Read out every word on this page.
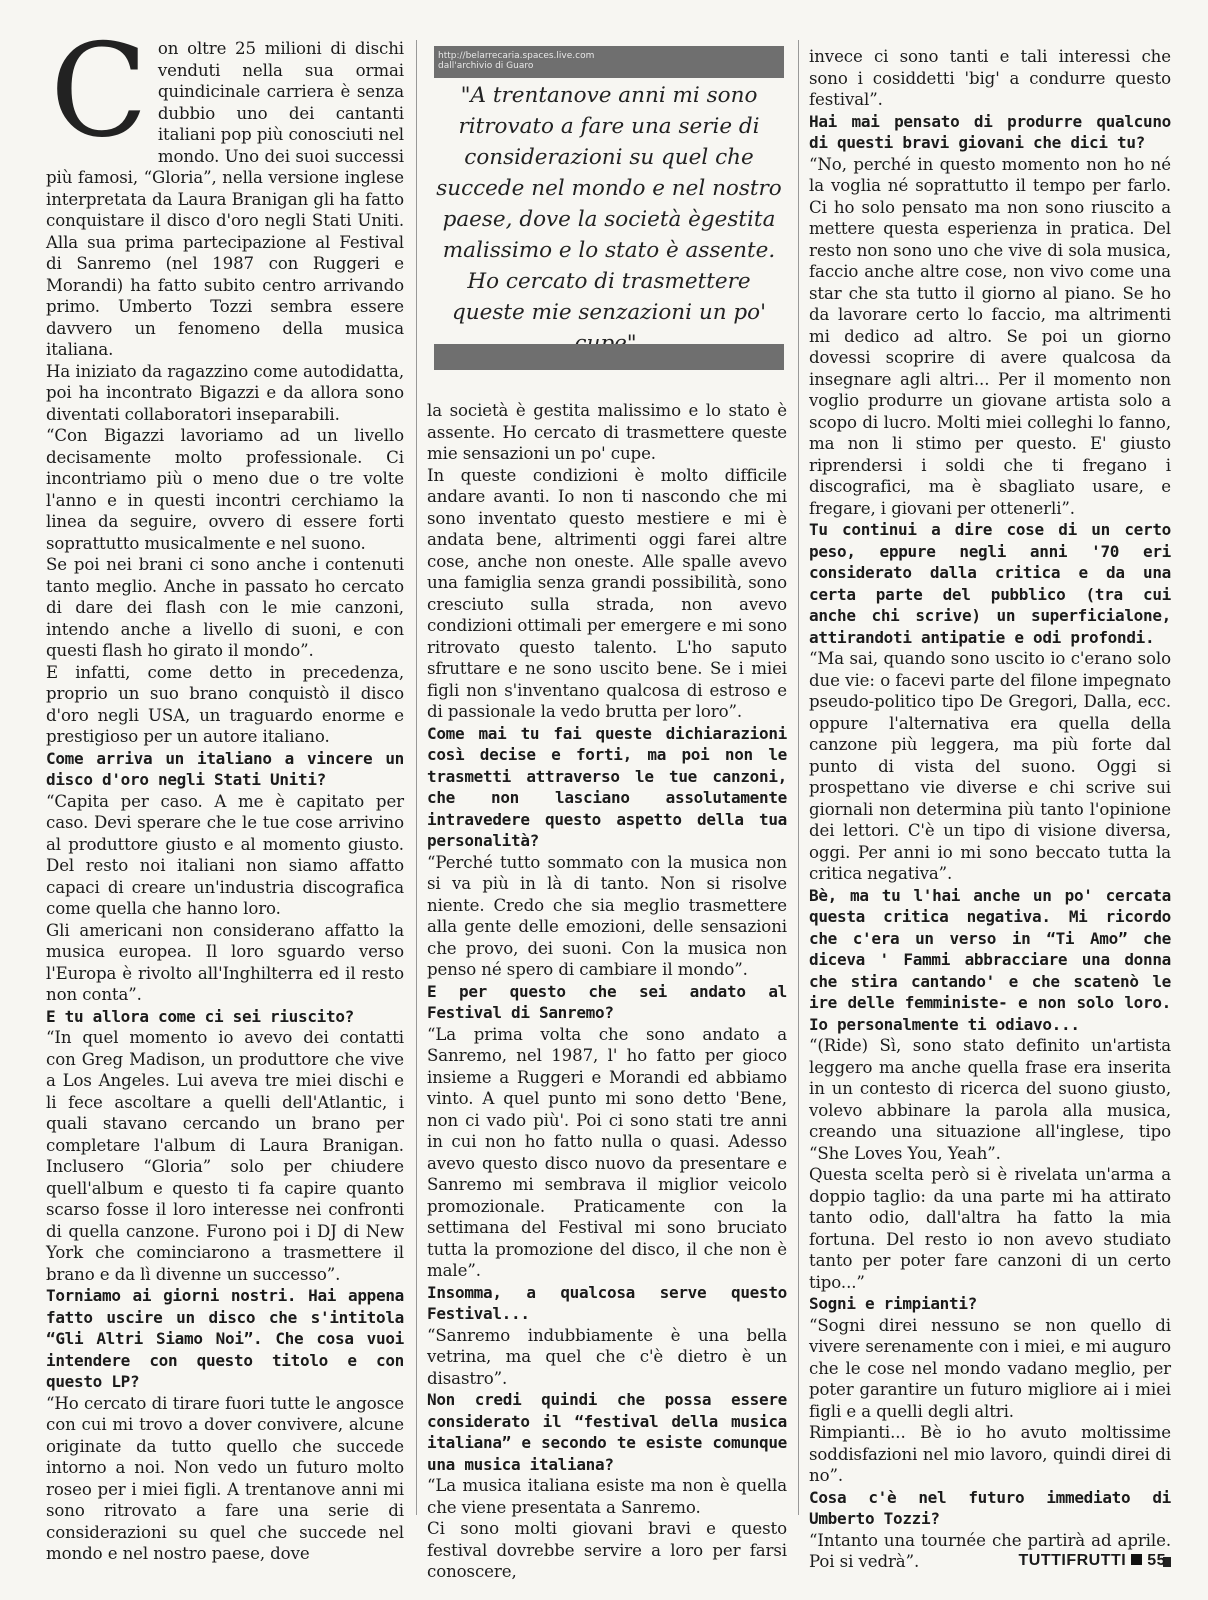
C on oltre 25 milioni di dischi venduti nella sua ormai quindicinale carriera è senza dubbio uno dei cantanti italiani pop più conosciuti nel mondo. Uno dei suoi successi più famosi, “Gloria”, nella versione inglese interpretata da Laura Branigan gli ha fatto conquistare il disco d'oro negli Stati Uniti. Alla sua prima partecipazione al Festival di Sanremo (nel 1987 con Ruggeri e Morandi) ha fatto subito centro arrivando primo. Umberto Tozzi sembra essere davvero un fenomeno della musica italiana.

Ha iniziato da ragazzino come autodidatta, poi ha incontrato Bigazzi e da allora sono diventati collaboratori inseparabili.

“Con Bigazzi lavoriamo ad un livello decisamente molto professionale. Ci incontriamo più o meno due o tre volte l'anno e in questi incontri cerchiamo la linea da seguire, ovvero di essere forti soprattutto musicalmente e nel suono.

Se poi nei brani ci sono anche i contenuti tanto meglio. Anche in passato ho cercato di dare dei flash con le mie canzoni, intendo anche a livello di suoni, e con questi flash ho girato il mondo”.

E infatti, come detto in precedenza, proprio un suo brano conquistò il disco d'oro negli USA, un traguardo enorme e prestigioso per un autore italiano.

Come arriva un italiano a vincere un disco d'oro negli Stati Uniti?

“Capita per caso. A me è capitato per caso. Devi sperare che le tue cose arrivino al produttore giusto e al momento giusto. Del resto noi italiani non siamo affatto capaci di creare un'industria discografica come quella che hanno loro.

Gli americani non considerano affatto la musica europea. Il loro sguardo verso l'Europa è rivolto all'Inghilterra ed il resto non conta”.

E tu allora come ci sei riuscito?

“In quel momento io avevo dei contatti con Greg Madison, un produttore che vive a Los Angeles. Lui aveva tre miei dischi e li fece ascoltare a quelli dell'Atlantic, i quali stavano cercando un brano per completare l'album di Laura Branigan. Inclusero “Gloria” solo per chiudere quell'album e questo ti fa capire quanto scarso fosse il loro interesse nei confronti di quella canzone. Furono poi i DJ di New York che cominciarono a trasmettere il brano e da lì divenne un successo”.

Torniamo ai giorni nostri. Hai appena fatto uscire un disco che s'intitola “Gli Altri Siamo Noi”. Che cosa vuoi intendere con questo titolo e con questo LP?

“Ho cercato di tirare fuori tutte le angosce con cui mi trovo a dover convivere, alcune originate da tutto quello che succede intorno a noi. Non vedo un futuro molto roseo per i miei figli. A trentanove anni mi sono ritrovato a fare una serie di considerazioni su quel che succede nel mondo e nel nostro paese, dove

http://belarrecaria.spaces.live.com
dall'archivio di Guaro
"A trentanove anni mi sono ritrovato a fare una serie di considerazioni su quel che succede nel mondo e nel nostro paese, dove la società ègestita malissimo e lo stato è assente. Ho cercato di trasmettere queste mie senzazioni un po'

la società è gestita malissimo e lo stato è assente. Ho cercato di trasmettere queste mie sensazioni un po' cupe.

In queste condizioni è molto difficile andare avanti. Io non ti nascondo che mi sono inventato questo mestiere e mi è andata bene, altrimenti oggi farei altre cose, anche non oneste. Alle spalle avevo una famiglia senza grandi possibilità, sono cresciuto sulla strada, non avevo condizioni ottimali per emergere e mi sono ritrovato questo talento. L'ho saputo sfruttare e ne sono uscito bene. Se i miei figli non s'inventano qualcosa di estroso e di passionale la vedo brutta per loro”.

Come mai tu fai queste dichiarazioni così decise e forti, ma poi non le trasmetti attraverso le tue canzoni, che non lasciano assolutamente intravedere questo aspetto della tua personalità?

“Perché tutto sommato con la musica non si va più in là di tanto. Non si risolve niente. Credo che sia meglio trasmettere alla gente delle emozioni, delle sensazioni che provo, dei suoni. Con la musica non penso né spero di cambiare il mondo”.

E per questo che sei andato al Festival di Sanremo?

“La prima volta che sono andato a Sanremo, nel 1987, l' ho fatto per gioco insieme a Ruggeri e Morandi ed abbiamo vinto. A quel punto mi sono detto 'Bene, non ci vado più'. Poi ci sono stati tre anni in cui non ho fatto nulla o quasi. Adesso avevo questo disco nuovo da presentare e Sanremo mi sembrava il miglior veicolo promozionale. Praticamente con la settimana del Festival mi sono bruciato tutta la promozione del disco, il che non è male”.

Insomma, a qualcosa serve questo Festival...

“Sanremo indubbiamente è una bella vetrina, ma quel che c'è dietro è un disastro”.

Non credi quindi che possa essere considerato il “festival della musica italiana” e secondo te esiste comunque una musica italiana?

“La musica italiana esiste ma non è quella che viene presentata a Sanremo.

Ci sono molti giovani bravi e questo festival dovrebbe servire a loro per farsi conoscere,

invece ci sono tanti e tali interessi che sono i cosiddetti 'big' a condurre questo festival”.

Hai mai pensato di produrre qualcuno di questi bravi giovani che dici tu?

“No, perché in questo momento non ho né la voglia né soprattutto il tempo per farlo. Ci ho solo pensato ma non sono riuscito a mettere questa esperienza in pratica. Del resto non sono uno che vive di sola musica, faccio anche altre cose, non vivo come una star che sta tutto il giorno al piano. Se ho da lavorare certo lo faccio, ma altrimenti mi dedico ad altro. Se poi un giorno dovessi scoprire di avere qualcosa da insegnare agli altri... Per il momento non voglio produrre un giovane artista solo a scopo di lucro. Molti miei colleghi lo fanno, ma non li stimo per questo. E' giusto riprendersi i soldi che ti fregano i discografici, ma è sbagliato usare, e fregare, i giovani per ottenerli”.

Tu continui a dire cose di un certo peso, eppure negli anni '70 eri considerato dalla critica e da una certa parte del pubblico (tra cui anche chi scrive) un superficialone, attirandoti antipatie e odi profondi.

“Ma sai, quando sono uscito io c'erano solo due vie: o facevi parte del filone impegnato pseudo-politico tipo De Gregori, Dalla, ecc. oppure l'alternativa era quella della canzone più leggera, ma più forte dal punto di vista del suono. Oggi si prospettano vie diverse e chi scrive sui giornali non determina più tanto l'opinione dei lettori. C'è un tipo di visione diversa, oggi. Per anni io mi sono beccato tutta la critica negativa”.

Bè, ma tu l'hai anche un po' cercata questa critica negativa. Mi ricordo che c'era un verso in “Ti Amo” che diceva ' Fammi abbracciare una donna che stira cantando' e che scatenò le ire delle femministe- e non solo loro. Io personalmente ti odiavo...

“(Ride) Sì, sono stato definito un'artista leggero ma anche quella frase era inserita in un contesto di ricerca del suono giusto, volevo abbinare la parola alla musica, creando una situazione all'inglese, tipo “She Loves You, Yeah”.

Questa scelta però si è rivelata un'arma a doppio taglio: da una parte mi ha attirato tanto odio, dall'altra ha fatto la mia fortuna. Del resto io non avevo studiato tanto per poter fare canzoni di un certo tipo...”

Sogni e rimpianti?

“Sogni direi nessuno se non quello di vivere serenamente con i miei, e mi auguro che le cose nel mondo vadano meglio, per poter garantire un futuro migliore ai i miei figli e a quelli degli altri.

Rimpianti... Bè io ho avuto moltissime soddisfazioni nel mio lavoro, quindi direi di no”.

Cosa c'è nel futuro immediato di Umberto Tozzi?

“Intanto una tournée che partirà ad aprile. Poi si vedrà”.	TUTTIFRUTTI 55
